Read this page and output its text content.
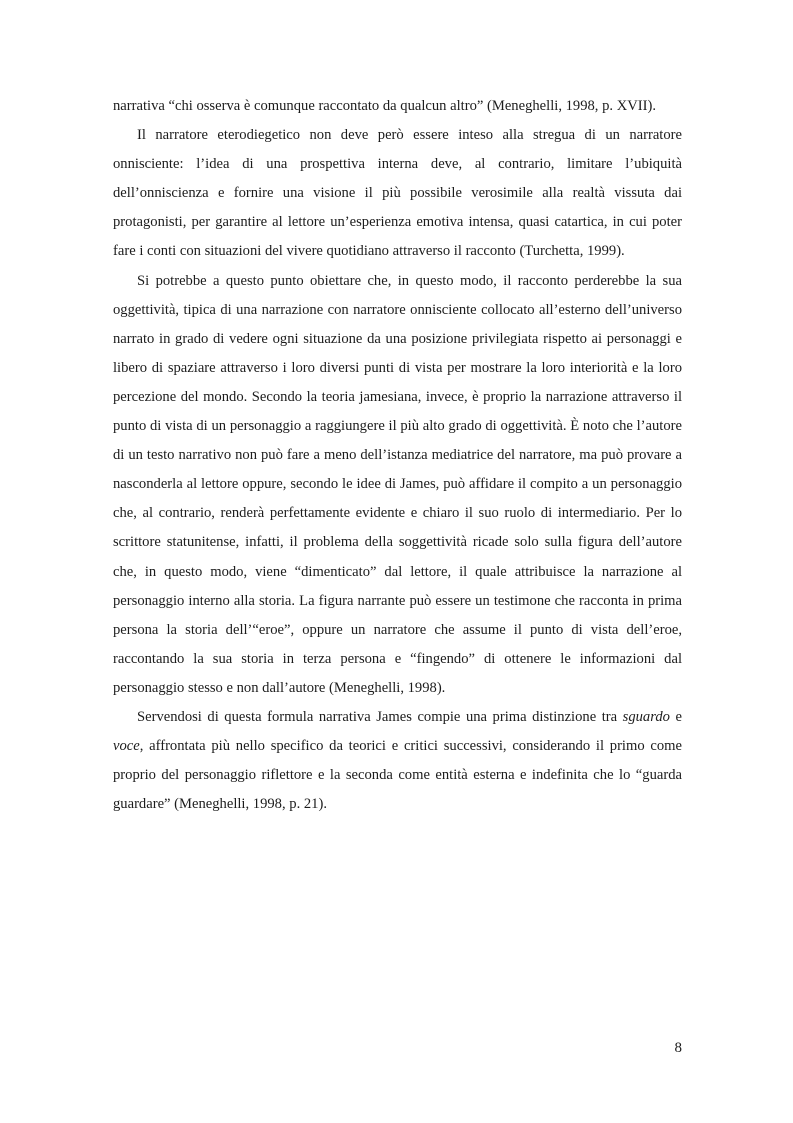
narrativa “chi osserva è comunque raccontato da qualcun altro” (Meneghelli, 1998, p. XVII).

Il narratore eterodiegetico non deve però essere inteso alla stregua di un narratore onnisciente: l’idea di una prospettiva interna deve, al contrario, limitare l’ubiquità dell’onniscienza e fornire una visione il più possibile verosimile alla realtà vissuta dai protagonisti, per garantire al lettore un’esperienza emotiva intensa, quasi catartica, in cui poter fare i conti con situazioni del vivere quotidiano attraverso il racconto (Turchetta, 1999).

Si potrebbe a questo punto obiettare che, in questo modo, il racconto perderebbe la sua oggettività, tipica di una narrazione con narratore onnisciente collocato all’esterno dell’universo narrato in grado di vedere ogni situazione da una posizione privilegiata rispetto ai personaggi e libero di spaziare attraverso i loro diversi punti di vista per mostrare la loro interiorità e la loro percezione del mondo. Secondo la teoria jamesiana, invece, è proprio la narrazione attraverso il punto di vista di un personaggio a raggiungere il più alto grado di oggettività. È noto che l’autore di un testo narrativo non può fare a meno dell’istanza mediatrice del narratore, ma può provare a nasconderla al lettore oppure, secondo le idee di James, può affidare il compito a un personaggio che, al contrario, renderà perfettamente evidente e chiaro il suo ruolo di intermediario. Per lo scrittore statunitense, infatti, il problema della soggettività ricade solo sulla figura dell’autore che, in questo modo, viene “dimenticato” dal lettore, il quale attribuisce la narrazione al personaggio interno alla storia. La figura narrante può essere un testimone che racconta in prima persona la storia dell’“eroe”, oppure un narratore che assume il punto di vista dell’eroe, raccontando la sua storia in terza persona e “fingendo” di ottenere le informazioni dal personaggio stesso e non dall’autore (Meneghelli, 1998).

Servendosi di questa formula narrativa James compie una prima distinzione tra sguardo e voce, affrontata più nello specifico da teorici e critici successivi, considerando il primo come proprio del personaggio riflettore e la seconda come entità esterna e indefinita che lo “guarda guardare” (Meneghelli, 1998, p. 21).

8
